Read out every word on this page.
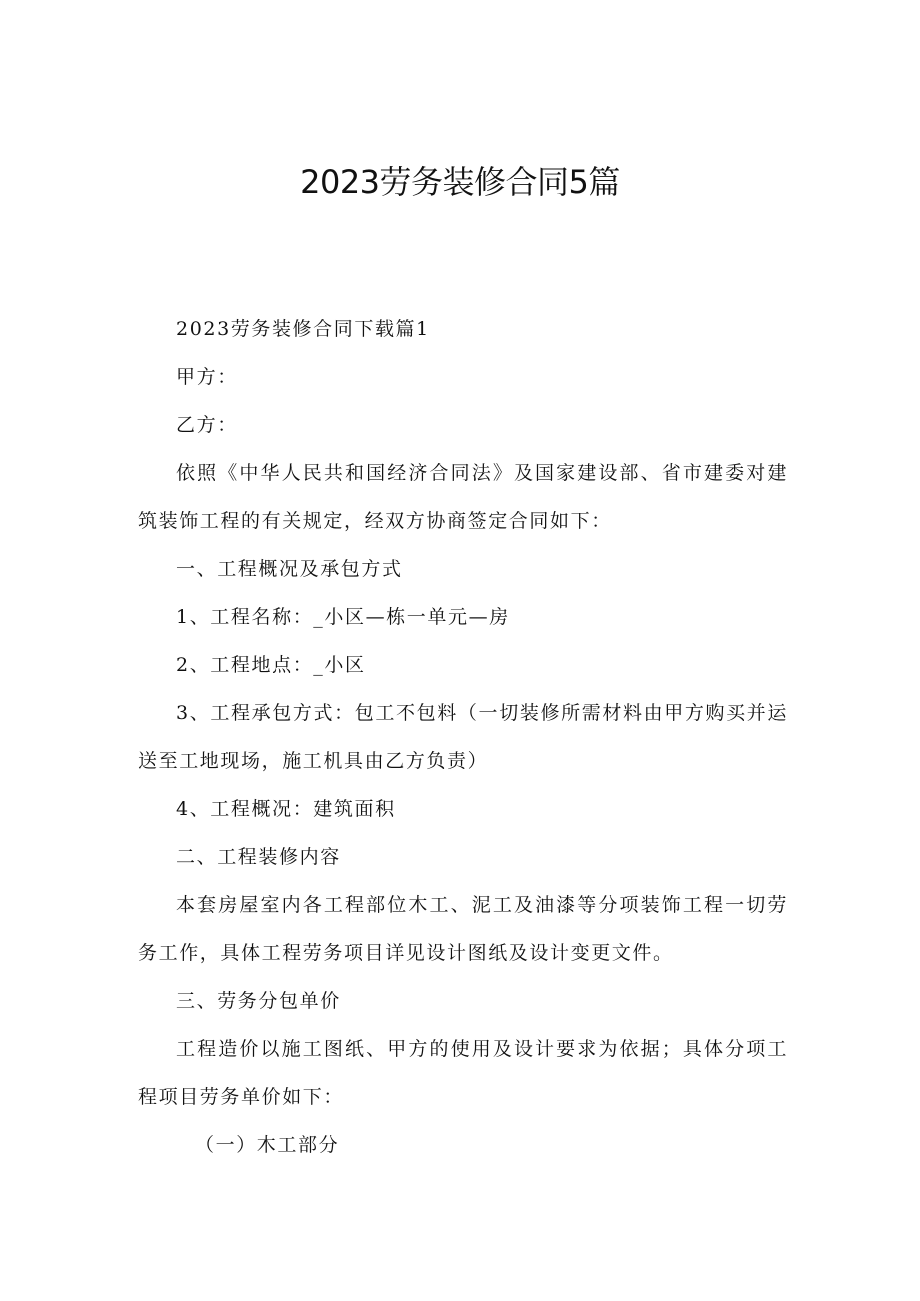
2023劳务装修合同5篇

2023劳务装修合同下载篇1

甲方：

乙方：

依照《中华人民共和国经济合同法》及国家建设部、省市建委对建筑装饰工程的有关规定，经双方协商签定合同如下：

一、工程概况及承包方式

1、工程名称：_小区—栋一单元—房

2、工程地点：_小区

3、工程承包方式：包工不包料（一切装修所需材料由甲方购买并运送至工地现场，施工机具由乙方负责）

4、工程概况：建筑面积

二、工程装修内容

本套房屋室内各工程部位木工、泥工及油漆等分项装饰工程一切劳务工作，具体工程劳务项目详见设计图纸及设计变更文件。

三、劳务分包单价

工程造价以施工图纸、甲方的使用及设计要求为依据；具体分项工程项目劳务单价如下：

（一）木工部分
